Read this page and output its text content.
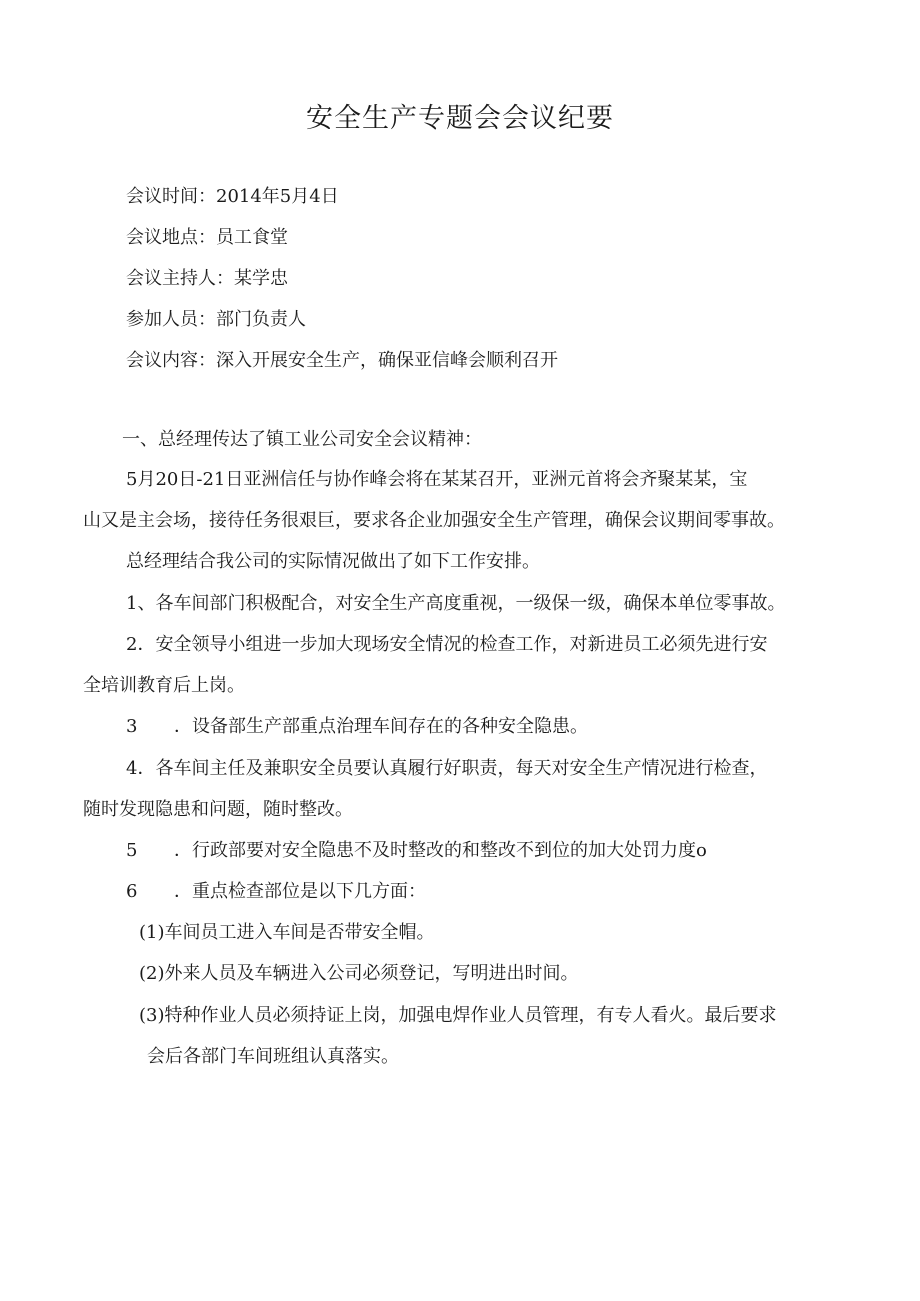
安全生产专题会会议纪要
会议时间：2014年5月4日
会议地点：员工食堂
会议主持人：某学忠
参加人员：部门负责人
会议内容：深入开展安全生产，确保亚信峰会顺利召开
一、总经理传达了镇工业公司安全会议精神：
5月20日-21日亚洲信任与协作峰会将在某某召开，亚洲元首将会齐聚某某，宝
山又是主会场，接待任务很艰巨，要求各企业加强安全生产管理，确保会议期间零事故。
总经理结合我公司的实际情况做出了如下工作安排。
1、各车间部门积极配合，对安全生产高度重视，一级保一级，确保本单位零事故。
2．安全领导小组进一步加大现场安全情况的检查工作，对新进员工必须先进行安
全培训教育后上岗。
3 ．设备部生产部重点治理车间存在的各种安全隐患。
4．各车间主任及兼职安全员要认真履行好职责，每天对安全生产情况进行检查，
随时发现隐患和问题，随时整改。
5 ．行政部要对安全隐患不及时整改的和整改不到位的加大处罚力度o
6 ．重点检查部位是以下几方面：
(1)车间员工进入车间是否带安全帽。
(2)外来人员及车辆进入公司必须登记，写明进出时间。
(3)特种作业人员必须持证上岗，加强电焊作业人员管理，有专人看火。最后要求
会后各部门车间班组认真落实。
